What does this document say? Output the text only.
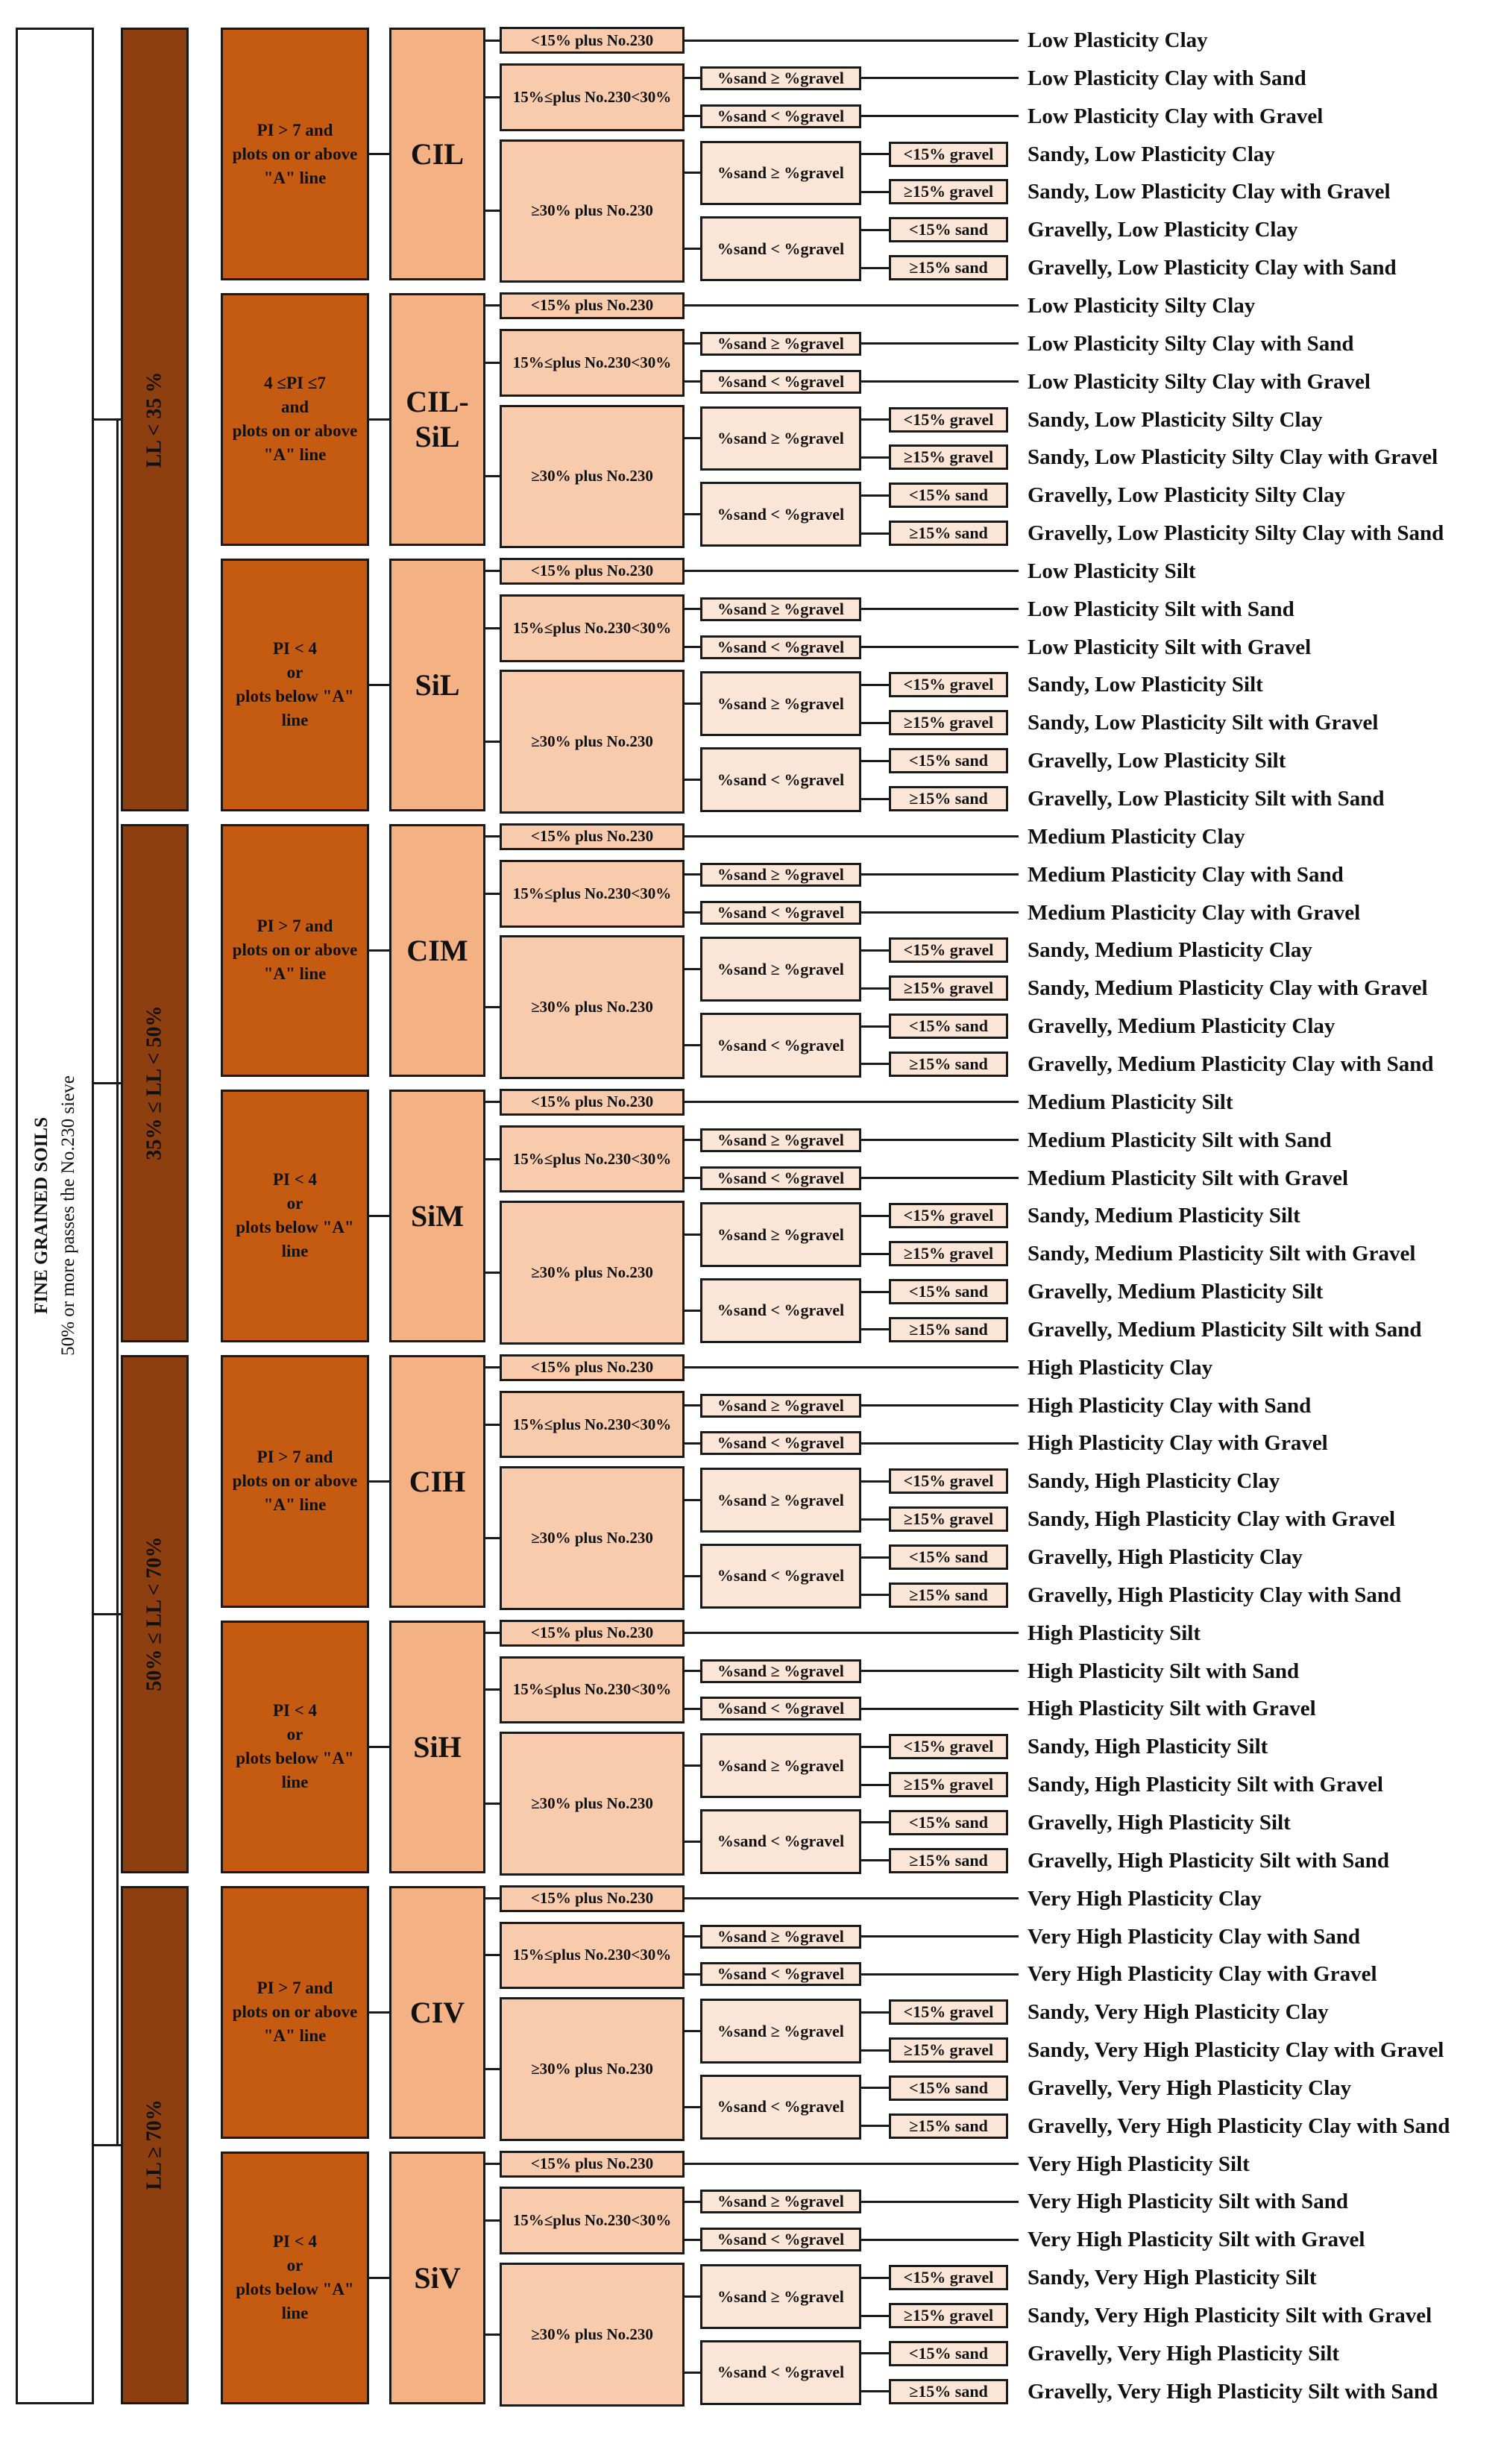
FINE GRAINED SOILS 50% or more passes the No.230 sieve
PI > 7 and
plots on or above
"A" line
CIL
<15% plus No.230
15%≤plus No.230<30%
≥30% plus No.230
%sand ≥ %gravel
%sand < %gravel
%sand ≥ %gravel
<15% gravel
≥15% gravel
%sand < %gravel
<15% sand
≥15% sand
Low Plasticity Clay
Low Plasticity Clay with Sand
Low Plasticity Clay with Gravel
Sandy, Low Plasticity Clay
Sandy, Low Plasticity Clay with Gravel
Gravelly, Low Plasticity Clay
Gravelly, Low Plasticity Clay with Sand
4 ≤PI ≤7
and
plots on or above
"A" line
CIL-SiL
<15% plus No.230
15%≤plus No.230<30%
≥30% plus No.230
%sand ≥ %gravel
%sand < %gravel
%sand ≥ %gravel
<15% gravel
≥15% gravel
%sand < %gravel
<15% sand
≥15% sand
Low Plasticity Silty Clay
Low Plasticity Silty Clay with Sand
Low Plasticity Silty Clay with Gravel
Sandy, Low Plasticity Silty Clay
Sandy, Low Plasticity Silty Clay with Gravel
Gravelly, Low Plasticity Silty Clay
Gravelly, Low Plasticity Silty Clay with Sand
PI < 4
or
plots below "A"
line
SiL
<15% plus No.230
15%≤plus No.230<30%
≥30% plus No.230
%sand ≥ %gravel
%sand < %gravel
%sand ≥ %gravel
<15% gravel
≥15% gravel
%sand < %gravel
<15% sand
≥15% sand
Low Plasticity Silt
Low Plasticity Silt with Sand
Low Plasticity Silt with Gravel
Sandy, Low Plasticity Silt
Sandy, Low Plasticity Silt with Gravel
Gravelly, Low Plasticity Silt
Gravelly, Low Plasticity Silt with Sand
LL < 35 %
PI > 7 and
plots on or above
"A" line
CIM
<15% plus No.230
15%≤plus No.230<30%
≥30% plus No.230
%sand ≥ %gravel
%sand < %gravel
%sand ≥ %gravel
<15% gravel
≥15% gravel
%sand < %gravel
<15% sand
≥15% sand
Medium Plasticity Clay
Medium Plasticity Clay with Sand
Medium Plasticity Clay with Gravel
Sandy, Medium Plasticity Clay
Sandy, Medium Plasticity Clay with Gravel
Gravelly, Medium Plasticity Clay
Gravelly, Medium Plasticity Clay with Sand
PI < 4
or
plots below "A"
line
SiM
<15% plus No.230
15%≤plus No.230<30%
≥30% plus No.230
%sand ≥ %gravel
%sand < %gravel
%sand ≥ %gravel
<15% gravel
≥15% gravel
%sand < %gravel
<15% sand
≥15% sand
Medium Plasticity Silt
Medium Plasticity Silt with Sand
Medium Plasticity Silt with Gravel
Sandy, Medium Plasticity Silt
Sandy, Medium Plasticity Silt with Gravel
Gravelly, Medium Plasticity Silt
Gravelly, Medium Plasticity Silt with Sand
35% ≤ LL < 50%
PI > 7 and
plots on or above
"A" line
CIH
<15% plus No.230
15%≤plus No.230<30%
≥30% plus No.230
%sand ≥ %gravel
%sand < %gravel
%sand ≥ %gravel
<15% gravel
≥15% gravel
%sand < %gravel
<15% sand
≥15% sand
High Plasticity Clay
High Plasticity Clay with Sand
High Plasticity Clay with Gravel
Sandy, High Plasticity Clay
Sandy, High Plasticity Clay with Gravel
Gravelly, High Plasticity Clay
Gravelly, High Plasticity Clay with Sand
PI < 4
or
plots below "A"
line
SiH
<15% plus No.230
15%≤plus No.230<30%
≥30% plus No.230
%sand ≥ %gravel
%sand < %gravel
%sand ≥ %gravel
<15% gravel
≥15% gravel
%sand < %gravel
<15% sand
≥15% sand
High Plasticity Silt
High Plasticity Silt with Sand
High Plasticity Silt with Gravel
Sandy, High Plasticity Silt
Sandy, High Plasticity Silt with Gravel
Gravelly, High Plasticity Silt
Gravelly, High Plasticity Silt with Sand
50% ≤ LL < 70%
PI > 7 and
plots on or above
"A" line
CIV
<15% plus No.230
15%≤plus No.230<30%
≥30% plus No.230
%sand ≥ %gravel
%sand < %gravel
%sand ≥ %gravel
<15% gravel
≥15% gravel
%sand < %gravel
<15% sand
≥15% sand
Very High Plasticity Clay
Very High Plasticity Clay with Sand
Very High Plasticity Clay with Gravel
Sandy, Very High Plasticity Clay
Sandy, Very High Plasticity Clay with Gravel
Gravelly, Very High Plasticity Clay
Gravelly, Very High Plasticity Clay with Sand
PI < 4
or
plots below "A"
line
SiV
<15% plus No.230
15%≤plus No.230<30%
≥30% plus No.230
%sand ≥ %gravel
%sand < %gravel
%sand ≥ %gravel
<15% gravel
≥15% gravel
%sand < %gravel
<15% sand
≥15% sand
Very High Plasticity Silt
Very High Plasticity Silt with Sand
Very High Plasticity Silt with Gravel
Sandy, Very High Plasticity Silt
Sandy, Very High Plasticity Silt with Gravel
Gravelly, Very High Plasticity Silt
Gravelly, Very High Plasticity Silt with Sand
LL ≥ 70%
